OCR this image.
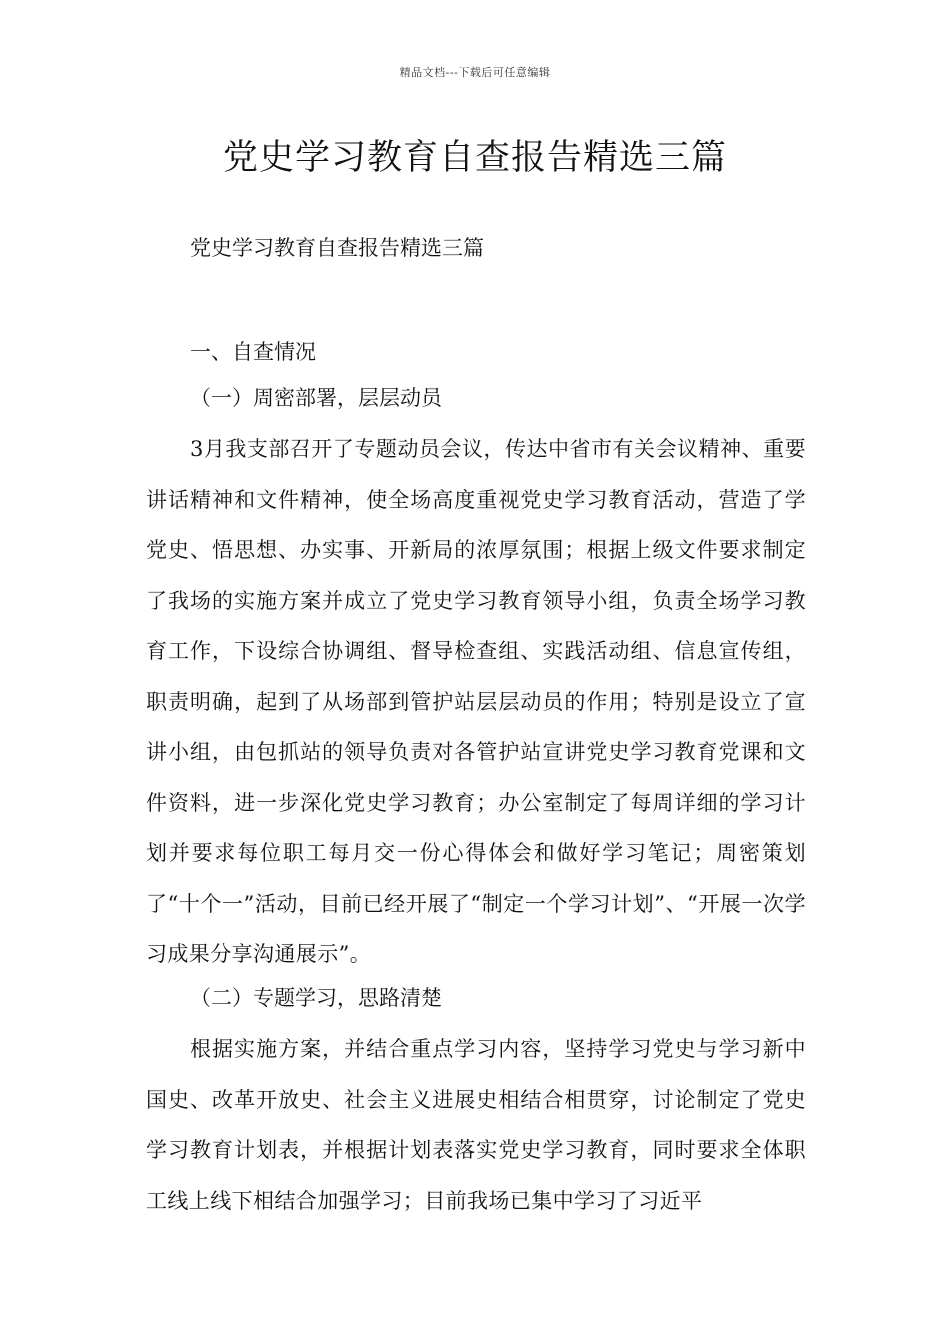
精品文档---下载后可任意编辑
党史学习教育自查报告精选三篇
党史学习教育自查报告精选三篇
一、自查情况
（一）周密部署，层层动员

3月我支部召开了专题动员会议，传达中省市有关会议精神、重要讲话精神和文件精神，使全场高度重视党史学习教育活动，营造了学党史、悟思想、办实事、开新局的浓厚氛围；根据上级文件要求制定了我场的实施方案并成立了党史学习教育领导小组，负责全场学习教育工作，下设综合协调组、督导检查组、实践活动组、信息宣传组，职责明确，起到了从场部到管护站层层动员的作用；特别是设立了宣讲小组，由包抓站的领导负责对各管护站宣讲党史学习教育党课和文件资料，进一步深化党史学习教育；办公室制定了每周详细的学习计划并要求每位职工每月交一份心得体会和做好学习笔记；周密策划了“十个一”活动，目前已经开展了“制定一个学习计划”、“开展一次学习成果分享沟通展示”。

（二）专题学习，思路清楚

根据实施方案，并结合重点学习内容，坚持学习党史与学习新中国史、改革开放史、社会主义进展史相结合相贯穿，讨论制定了党史学习教育计划表，并根据计划表落实党史学习教育，同时要求全体职工线上线下相结合加强学习；目前我场已集中学习了习近平
